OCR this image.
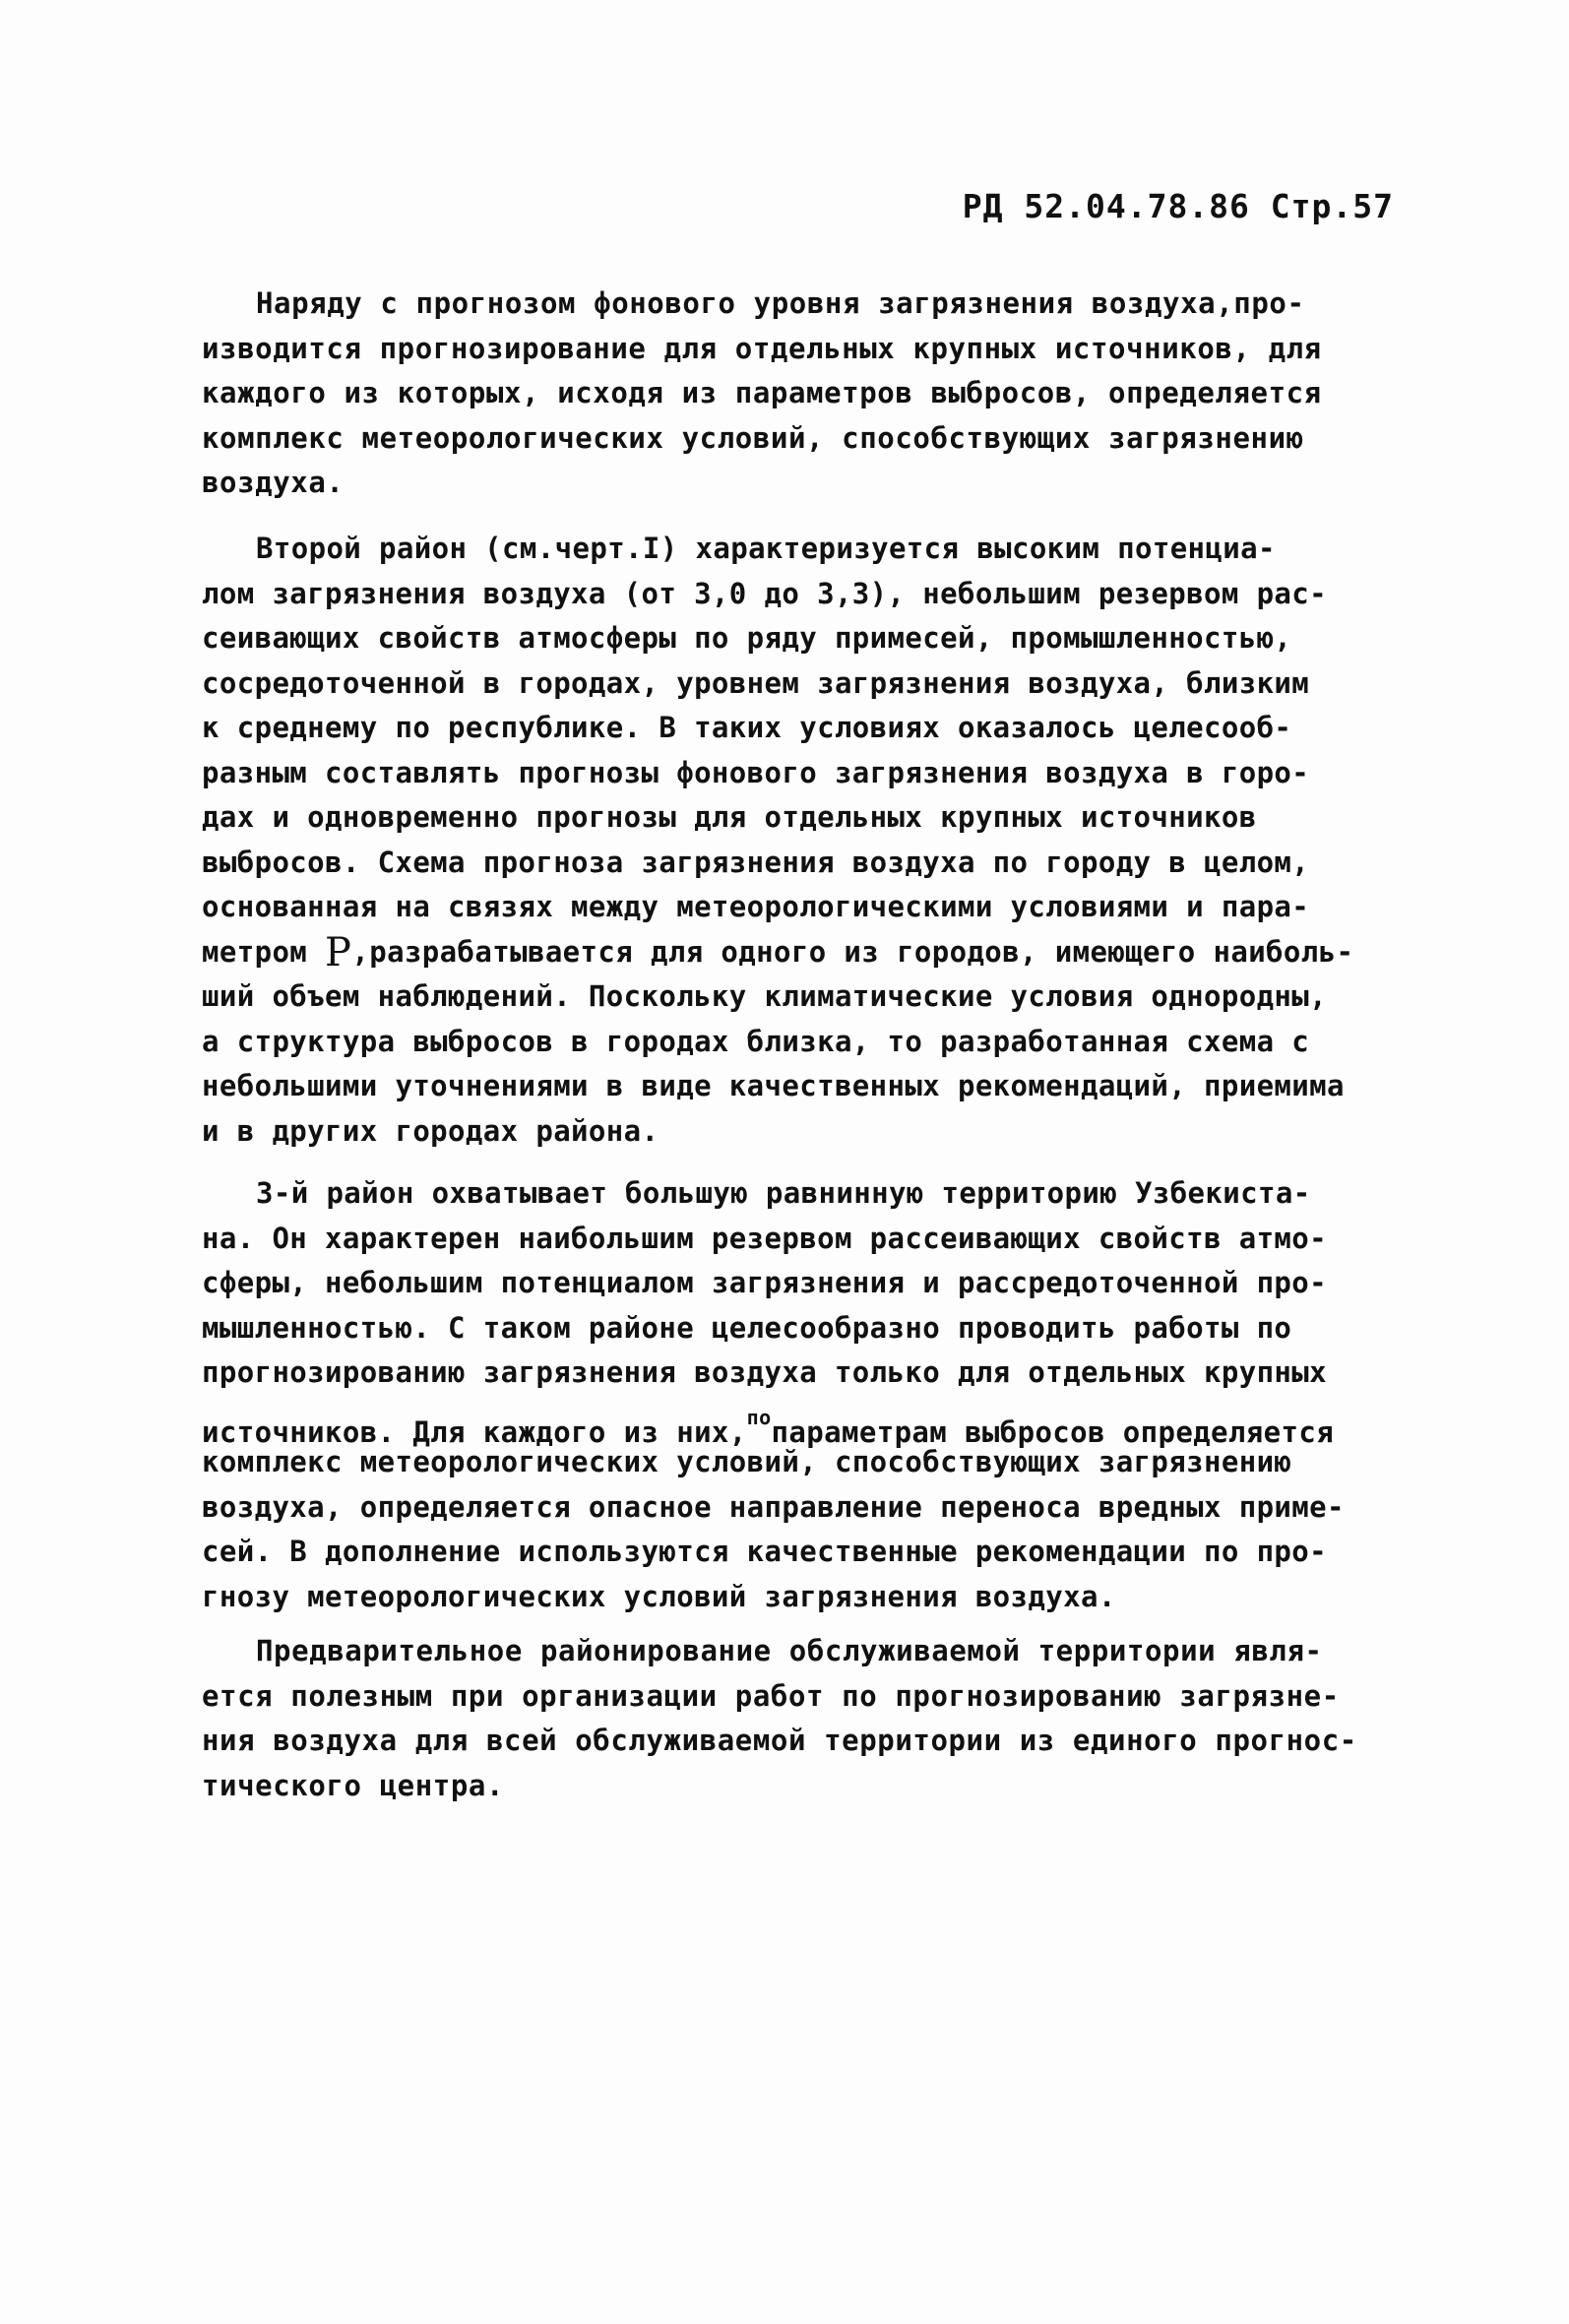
РД 52.04.78.86 Стр.57
Наряду с прогнозом фонового уровня загрязнения воздуха,про-
изводится прогнозирование для отдельных крупных источников, для
каждого из которых, исходя из параметров выбросов, определяется
комплекс метеорологических условий, способствующих загрязнению
воздуха.
Второй район (см.черт.I) характеризуется высоким потенциа-
лом загрязнения воздуха (от 3,0 до 3,3), небольшим резервом рас-
сеивающих свойств атмосферы по ряду примесей, промышленностью,
сосредоточенной в городах, уровнем загрязнения воздуха, близким
к среднему по республике. В таких условиях оказалось целесооб-
разным составлять прогнозы фонового загрязнения воздуха в горо-
дах и одновременно прогнозы для отдельных крупных источников
выбросов. Схема прогноза загрязнения воздуха по городу в целом,
основанная на связях между метеорологическими условиями и пара-
метром P,разрабатывается для одного из городов, имеющего наиболь-
ший объем наблюдений. Поскольку климатические условия однородны,
а структура выбросов в городах близка, то разработанная схема с
небольшими уточнениями в виде качественных рекомендаций, приемима
и в других городах района.
3-й район охватывает большую равнинную территорию Узбекиста-
на. Он характерен наибольшим резервом рассеивающих свойств атмо-
сферы, небольшим потенциалом загрязнения и рассредоточенной про-
мышленностью. С таком районе целесообразно проводить работы по
прогнозированию загрязнения воздуха только для отдельных крупных
источников. Для каждого из них,$^{по}$параметрам выбросов определяется
комплекс метеорологических условий, способствующих загрязнению
воздуха, определяется опасное направление переноса вредных приме-
сей. В дополнение используются качественные рекомендации по про-
гнозу метеорологических условий загрязнения воздуха.
Предварительное районирование обслуживаемой территории явля-
ется полезным при организации работ по прогнозированию загрязне-
ния воздуха для всей обслуживаемой территории из единого прогнос-
тического центра.
